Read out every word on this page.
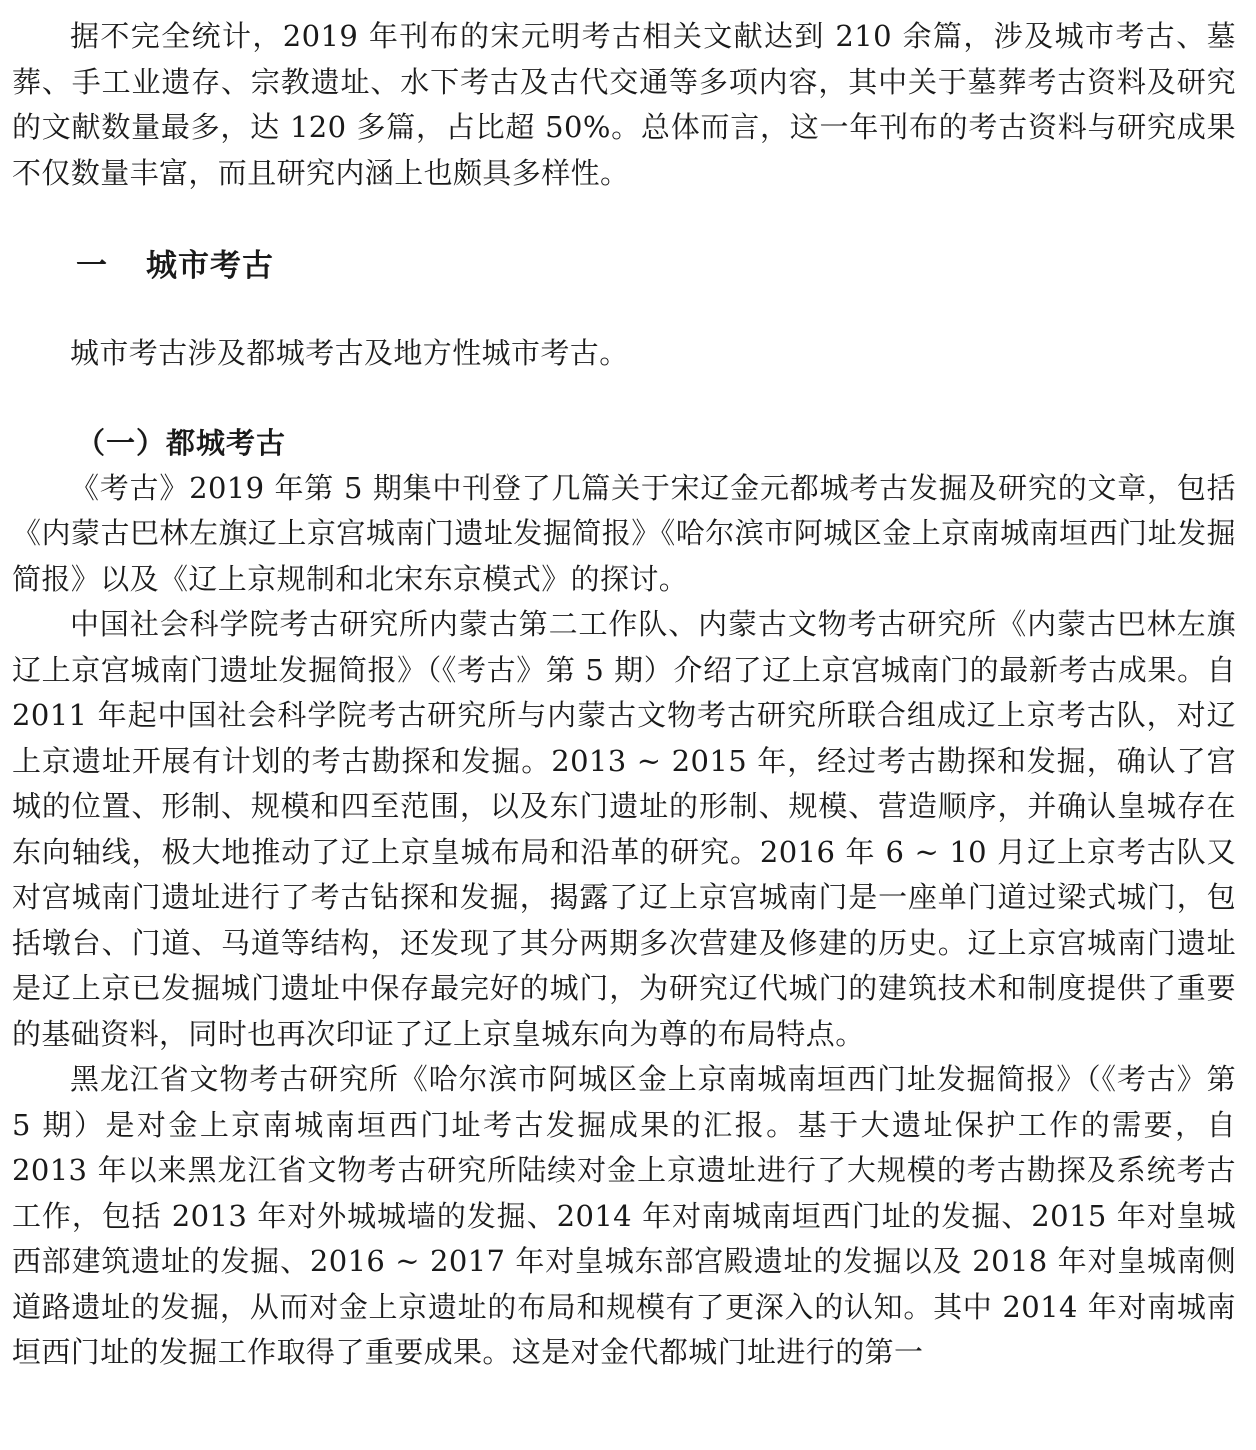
据不完全统计，2019 年刊布的宋元明考古相关文献达到 210 余篇，涉及城市考古、墓葬、手工业遗存、宗教遗址、水下考古及古代交通等多项内容，其中关于墓葬考古资料及研究的文献数量最多，达 120 多篇，占比超 50%。总体而言，这一年刊布的考古资料与研究成果不仅数量丰富，而且研究内涵上也颇具多样性。

一 城市考古

城市考古涉及都城考古及地方性城市考古。

（一）都城考古

《考古》2019 年第 5 期集中刊登了几篇关于宋辽金元都城考古发掘及研究的文章，包括《内蒙古巴林左旗辽上京宫城南门遗址发掘简报》《哈尔滨市阿城区金上京南城南垣西门址发掘简报》以及《辽上京规制和北宋东京模式》的探讨。

中国社会科学院考古研究所内蒙古第二工作队、内蒙古文物考古研究所《内蒙古巴林左旗辽上京宫城南门遗址发掘简报》（《考古》第 5 期）介绍了辽上京宫城南门的最新考古成果。自 2011 年起中国社会科学院考古研究所与内蒙古文物考古研究所联合组成辽上京考古队，对辽上京遗址开展有计划的考古勘探和发掘。2013 ~ 2015 年，经过考古勘探和发掘，确认了宫城的位置、形制、规模和四至范围，以及东门遗址的形制、规模、营造顺序，并确认皇城存在东向轴线，极大地推动了辽上京皇城布局和沿革的研究。2016 年 6 ~ 10 月辽上京考古队又对宫城南门遗址进行了考古钻探和发掘，揭露了辽上京宫城南门是一座单门道过梁式城门，包括墩台、门道、马道等结构，还发现了其分两期多次营建及修建的历史。辽上京宫城南门遗址是辽上京已发掘城门遗址中保存最完好的城门，为研究辽代城门的建筑技术和制度提供了重要的基础资料，同时也再次印证了辽上京皇城东向为尊的布局特点。

黑龙江省文物考古研究所《哈尔滨市阿城区金上京南城南垣西门址发掘简报》（《考古》第 5 期）是对金上京南城南垣西门址考古发掘成果的汇报。基于大遗址保护工作的需要，自 2013 年以来黑龙江省文物考古研究所陆续对金上京遗址进行了大规模的考古勘探及系统考古工作，包括 2013 年对外城城墙的发掘、2014 年对南城南垣西门址的发掘、2015 年对皇城西部建筑遗址的发掘、2016 ~ 2017 年对皇城东部宫殿遗址的发掘以及 2018 年对皇城南侧道路遗址的发掘，从而对金上京遗址的布局和规模有了更深入的认知。其中 2014 年对南城南垣西门址的发掘工作取得了重要成果。这是对金代都城门址进行的第一
